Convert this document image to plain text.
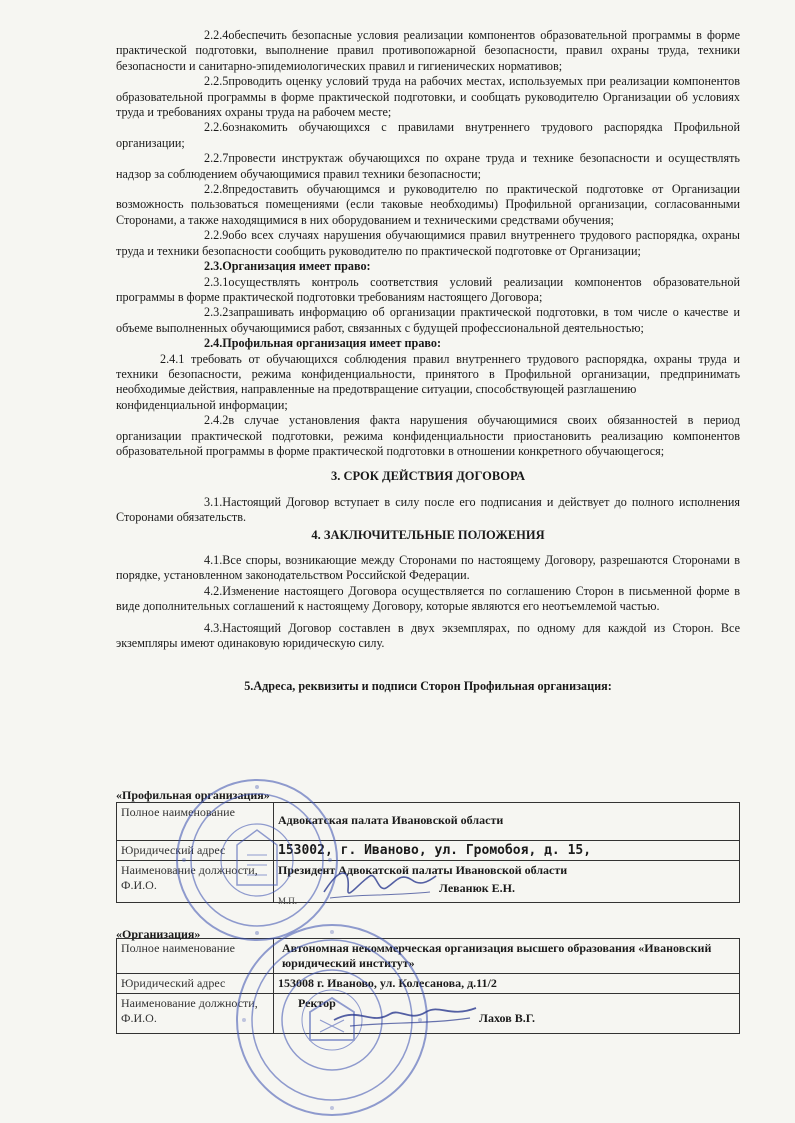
2.2.4обеспечить безопасные условия реализации компонентов образовательной программы в форме практической подготовки, выполнение правил противопожарной безопасности, правил охраны труда, техники безопасности и санитарно-эпидемиологических правил и гигиенических нормативов;

2.2.5проводить оценку условий труда на рабочих местах, используемых при реализации компонентов образовательной программы в форме практической подготовки, и сообщать руководителю Организации об условиях труда и требованиях охраны труда на рабочем месте;

2.2.6ознакомить обучающихся с правилами внутреннего трудового распорядка Профильной организации;

2.2.7провести инструктаж обучающихся по охране труда и технике безопасности и осуществлять надзор за соблюдением обучающимися правил техники безопасности;

2.2.8предоставить обучающимся и руководителю по практической подготовке от Организации возможность пользоваться помещениями (если таковые необходимы) Профильной организации, согласованными Сторонами, а также находящимися в них оборудованием и техническими средствами обучения;

2.2.9обо всех случаях нарушения обучающимися правил внутреннего трудового распорядка, охраны труда и техники безопасности сообщить руководителю по практической подготовке от Организации;

2.3.Организация имеет право:

2.3.1осуществлять контроль соответствия условий реализации компонентов образовательной программы в форме практической подготовки требованиям настоящего Договора;

2.3.2запрашивать информацию об организации практической подготовки, в том числе о качестве и объеме выполненных обучающимися работ, связанных с будущей профессиональной деятельностью;

2.4.Профильная организация имеет право:

2.4.1 требовать от обучающихся соблюдения правил внутреннего трудового распорядка, охраны труда и техники безопасности, режима конфиденциальности, принятого в Профильной организации, предпринимать необходимые действия, направленные на предотвращение ситуации, способствующей разглашению

конфиденциальной информации;

2.4.2в случае установления факта нарушения обучающимися своих обязанностей в период организации практической подготовки, режима конфиденциальности приостановить реализацию компонентов образовательной программы в форме практической подготовки в отношении конкретного обучающегося;

3. СРОК ДЕЙСТВИЯ ДОГОВОРА

3.1.Настоящий Договор вступает в силу после его подписания и действует до полного исполнения Сторонами обязательств.

4. ЗАКЛЮЧИТЕЛЬНЫЕ ПОЛОЖЕНИЯ

4.1.Все споры, возникающие между Сторонами по настоящему Договору, разрешаются Сторонами в порядке, установленном законодательством Российской Федерации.

4.2.Изменение настоящего Договора осуществляется по соглашению Сторон в письменной форме в виде дополнительных соглашений к настоящему Договору, которые являются его неотъемлемой частью.

4.3.Настоящий Договор составлен в двух экземплярах, по одному для каждой из Сторон. Все экземпляры имеют одинаковую юридическую силу.

5.Адреса, реквизиты и подписи Сторон Профильная организация:
«Профильная организация»
Полное наименование	Адвокатская палата Ивановской области
Юридический адрес	153002, г. Иваново, ул. Громобоя, д. 15,
Наименование должности, Ф.И.О.	Президент Адвокатской палаты Ивановской области
М.П.
Леванюк Е.Н.
«Организация»
Полное наименование	Автономная некоммерческая организация высшего образования «Ивановский юридический институт»
Юридический адрес	153008 г. Иваново, ул. Колесанова, д.11/2
Наименование должности, Ф.И.О.	Ректор
Лахов В.Г.
